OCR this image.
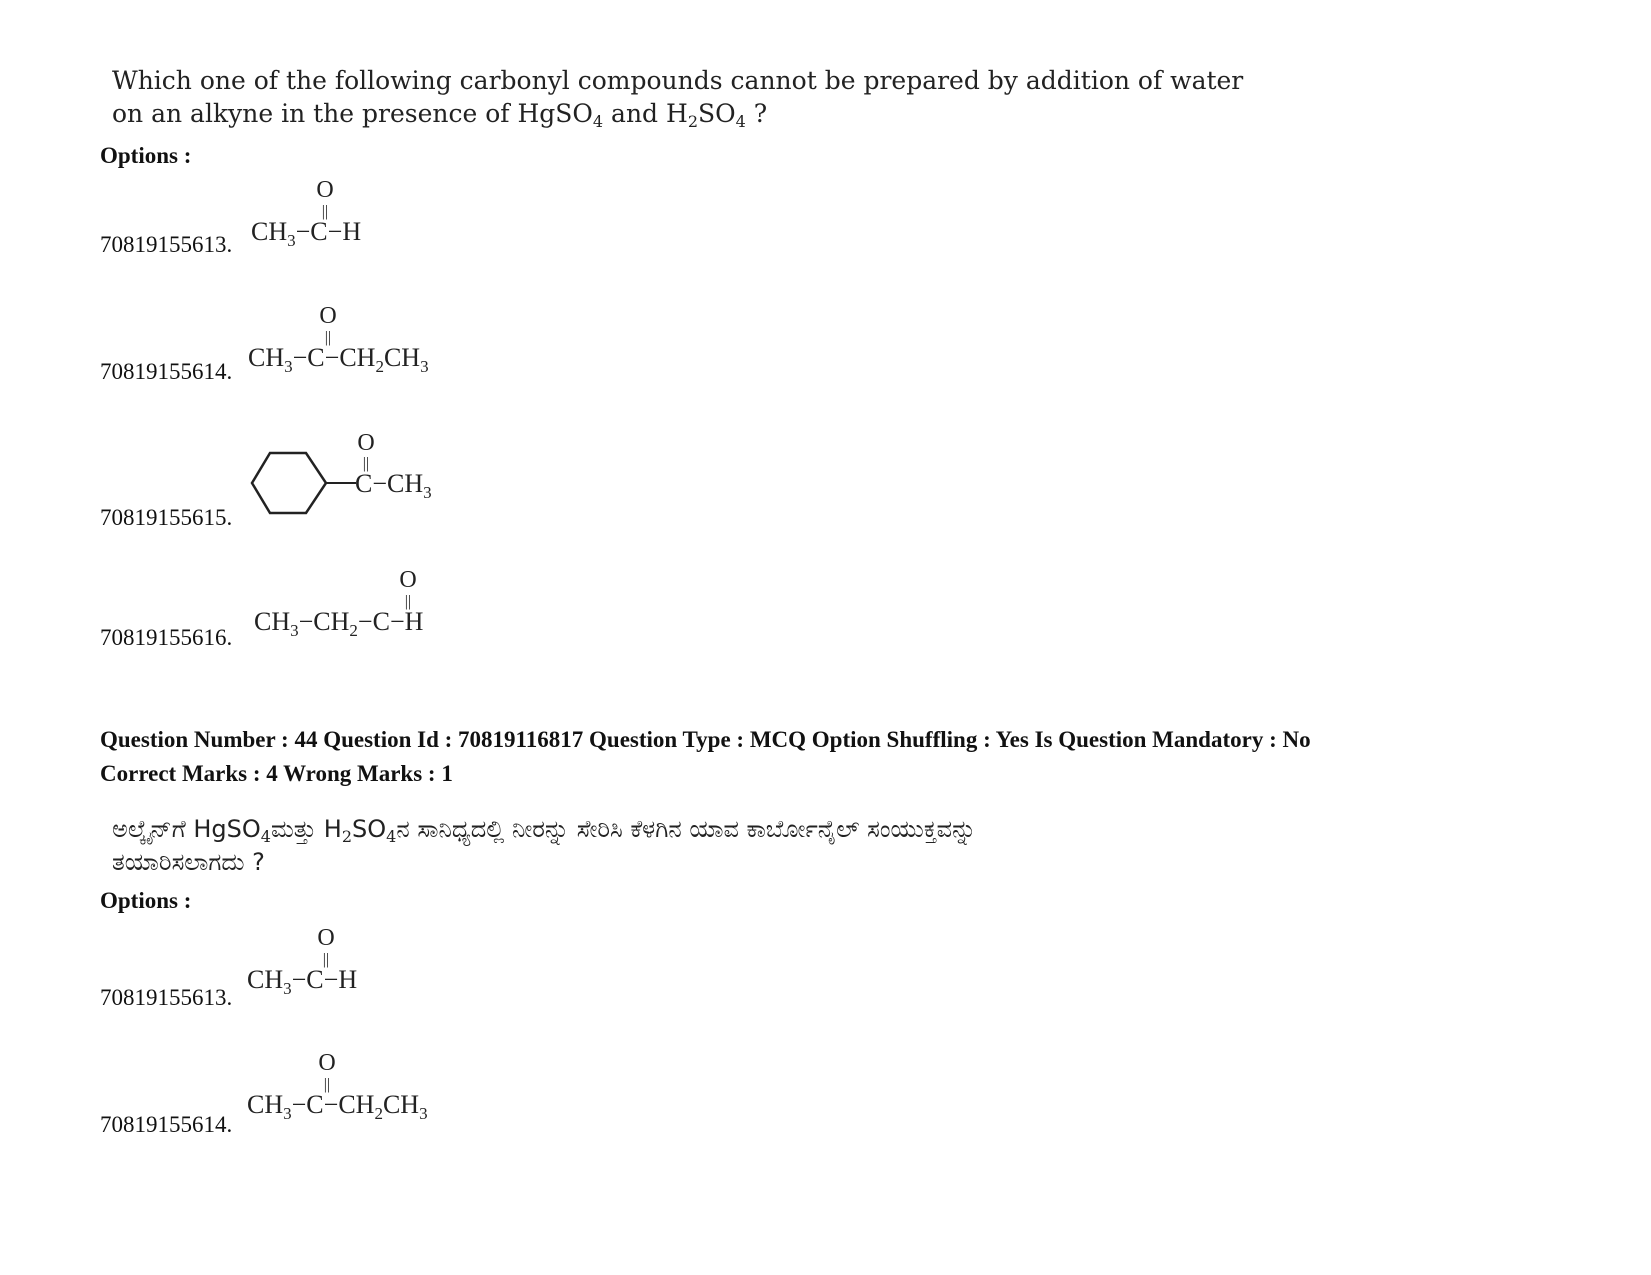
Which one of the following carbonyl compounds cannot be prepared by addition of water
on an alkyne in the presence of HgSO$_4$ and $H_2SO_4$ ?
Options :
70819155613.
O
||
$CH_3-C-H$
70819155614.
O
||
$CH_3-C-CH_2CH_3$
70819155615.
O
||
$C-CH_3$
70819155616.
O
||
$CH_3-CH_2-C-H$
Question Number : 44 Question Id : 70819116817 Question Type : MCQ Option Shuffling : Yes Is Question Mandatory : No
Correct Marks : 4 Wrong Marks : 1
ಅಲ್ಕೈನ್‌ಗೆ HgSO$_4$ಮತ್ತು $H_2SO_4ನ$ ಸಾನಿಧ್ಯದಲ್ಲಿ ನೀರನ್ನು ಸೇರಿಸಿ ಕೆಳಗಿನ ಯಾವ ಕಾರ್ಬೋನೈಲ್ ಸಂಯುಕ್ತವನ್ನು
ತಯಾರಿಸಲಾಗದು ?
Options :
70819155613.
O
||
$CH_3-C-H$
70819155614.
O
||
$CH_3-C-CH_2CH_3$
